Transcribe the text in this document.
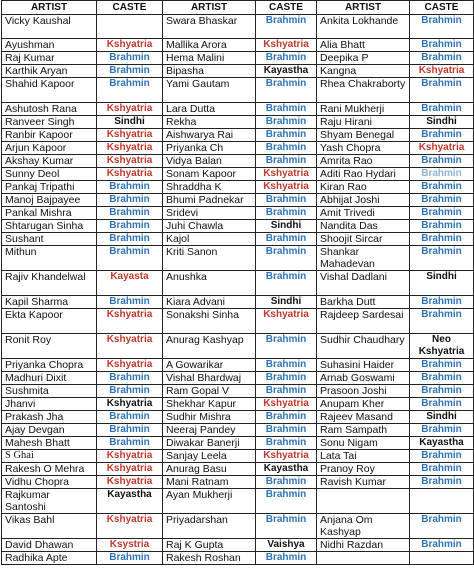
ARTIST	CASTE	ARTIST	CASTE	ARTIST	CASTE
Vicky Kaushal		Swara Bhaskar	Brahmin	Ankita Lokhande	Brahmin
Ayushman	Kshyatria	Mallika Arora	Kshyatria	Alia Bhatt	Brahmin
Raj Kumar	Brahmin	Hema Malini	Brahmin	Deepika P	Brahmin
Karthik Aryan	Brahmin	Bipasha	Kayastha	Kangna	Kshyatria
Shahid Kapoor	Brahmin	Yami Gautam	Brahmin	Rhea Chakraborty	Brahmin
Ashutosh Rana	Kshyatria	Lara Dutta	Brahmin	Rani Mukherji	Brahmin
Ranveer Singh	Sindhi	Rekha	Brahmin	Raju Hirani	Sindhi
Ranbir Kapoor	Kshyatria	Aishwarya Rai	Brahmin	Shyam Benegal	Brahmin
Arjun Kapoor	Kshyatria	Priyanka Ch	Brahmin	Yash Chopra	Kshyatria
Akshay Kumar	Kshyatria	Vidya Balan	Brahmin	Amrita Rao	Brahmin
Sunny Deol	Kshyatria	Sonam Kapoor	Kshyatria	Aditi Rao Hydari	Brahmin
Pankaj Tripathi	Brahmin	Shraddha K	Kshyatria	Kiran Rao	Brahmin
Manoj Bajpayee	Brahmin	Bhumi Padnekar	Brahmin	Abhijat Joshi	Brahmin
Pankal Mishra	Brahmin	Sridevi	Brahmin	Amit Trivedi	Brahmin
Shtarugan Sinha	Brahmin	Juhi Chawla	Sindhi	Nandita Das	Brahmin
Sushant	Brahmin	Kajol	Brahmin	Shoojit Sircar	Brahmin
Mithun	Brahmin	Kriti Sanon	Brahmin	Shankar Mahadevan	Brahmin
Rajiv Khandelwal	Kayasta	Anushka	Brahmin	Vishal Dadlani	Sindhi
Kapil Sharma	Brahmin	Kiara Advani	Sindhi	Barkha Dutt	Brahmin
Ekta Kapoor	Kshyatria	Sonakshi Sinha	Kshyatria	Rajdeep Sardesai	Brahmin
Ronit Roy	Kshyatria	Anurag Kashyap	Brahmin	Sudhir Chaudhary	Neo Kshyatria
Priyanka Chopra	Kshyatria	A Gowarikar	Brahmin	Suhasini Haider	Brahmin
Madhuri Dixit	Brahmin	Vishal Bhardwaj	Brahmin	Arnab Goswami	Brahmin
Sushmita	Brahmin	Ram Gopal V	Brahmin	Prasoon Joshi	Brahmin
Jhanvi	Kshyatria	Shekhar Kapur	Kshyatria	Anupam Kher	Brahmin
Prakash Jha	Brahmin	Sudhir Mishra	Brahmin	Rajeev Masand	Sindhi
Ajay Devgan	Brahmin	Neeraj Pandey	Brahmin	Ram Sampath	Brahmin
Mahesh Bhatt	Brahmin	Diwakar Banerji	Brahmin	Sonu Nigam	Kayastha
S Ghai	Kshyatria	Sanjay Leela	Kshyatria	Lata Tai	Brahmin
Rakesh O Mehra	Kshyatria	Anurag Basu	Kayastha	Pranoy Roy	Brahmin
Vidhu Chopra	Kshyatria	Mani Ratnam	Brahmin	Ravish Kumar	Brahmin
Rajkumar Santoshi	Kayastha	Ayan Mukherji	Brahmin		
Vikas Bahl	Kshyatria	Priyadarshan	Brahmin	Anjana Om Kashyap	Brahmin
David Dhawan	Ksystria	Raj K Gupta	Vaishya	Nidhi Razdan	Brahmin
Radhika Apte	Brahmin	Rakesh Roshan	Brahmin		
